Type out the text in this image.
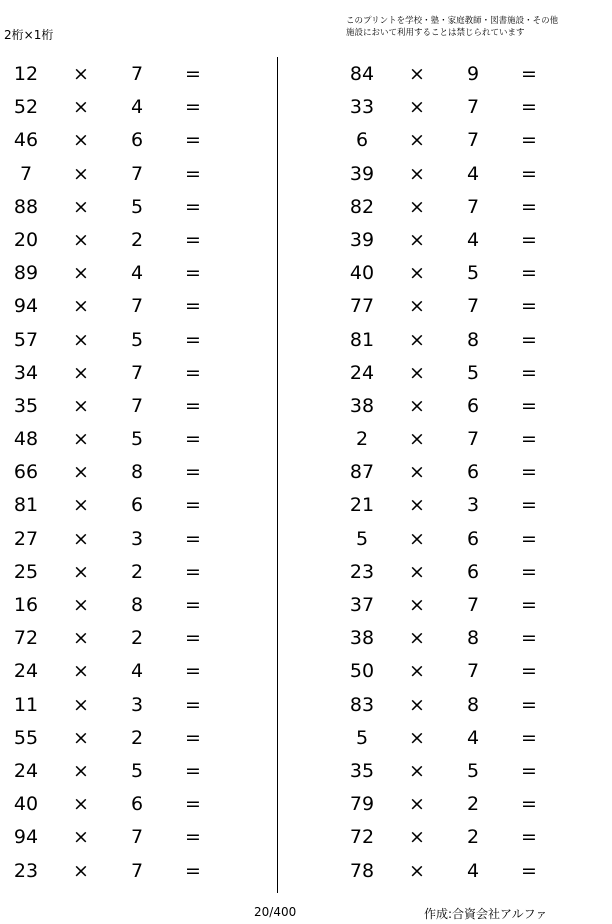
2桁×1桁
このプリントを学校・塾・家庭教師・図書施設・その他
施設において利用することは禁じられています
12	×	7	=
52	×	4	=
46	×	6	=
7	×	7	=
88	×	5	=
20	×	2	=
89	×	4	=
94	×	7	=
57	×	5	=
34	×	7	=
35	×	7	=
48	×	5	=
66	×	8	=
81	×	6	=
27	×	3	=
25	×	2	=
16	×	8	=
72	×	2	=
24	×	4	=
11	×	3	=
55	×	2	=
24	×	5	=
40	×	6	=
94	×	7	=
23	×	7	=
84	×	9	=
33	×	7	=
6	×	7	=
39	×	4	=
82	×	7	=
39	×	4	=
40	×	5	=
77	×	7	=
81	×	8	=
24	×	5	=
38	×	6	=
2	×	7	=
87	×	6	=
21	×	3	=
5	×	6	=
23	×	6	=
37	×	7	=
38	×	8	=
50	×	7	=
83	×	8	=
5	×	4	=
35	×	5	=
79	×	2	=
72	×	2	=
78	×	4	=
20/400	作成:合資会社アルファ
